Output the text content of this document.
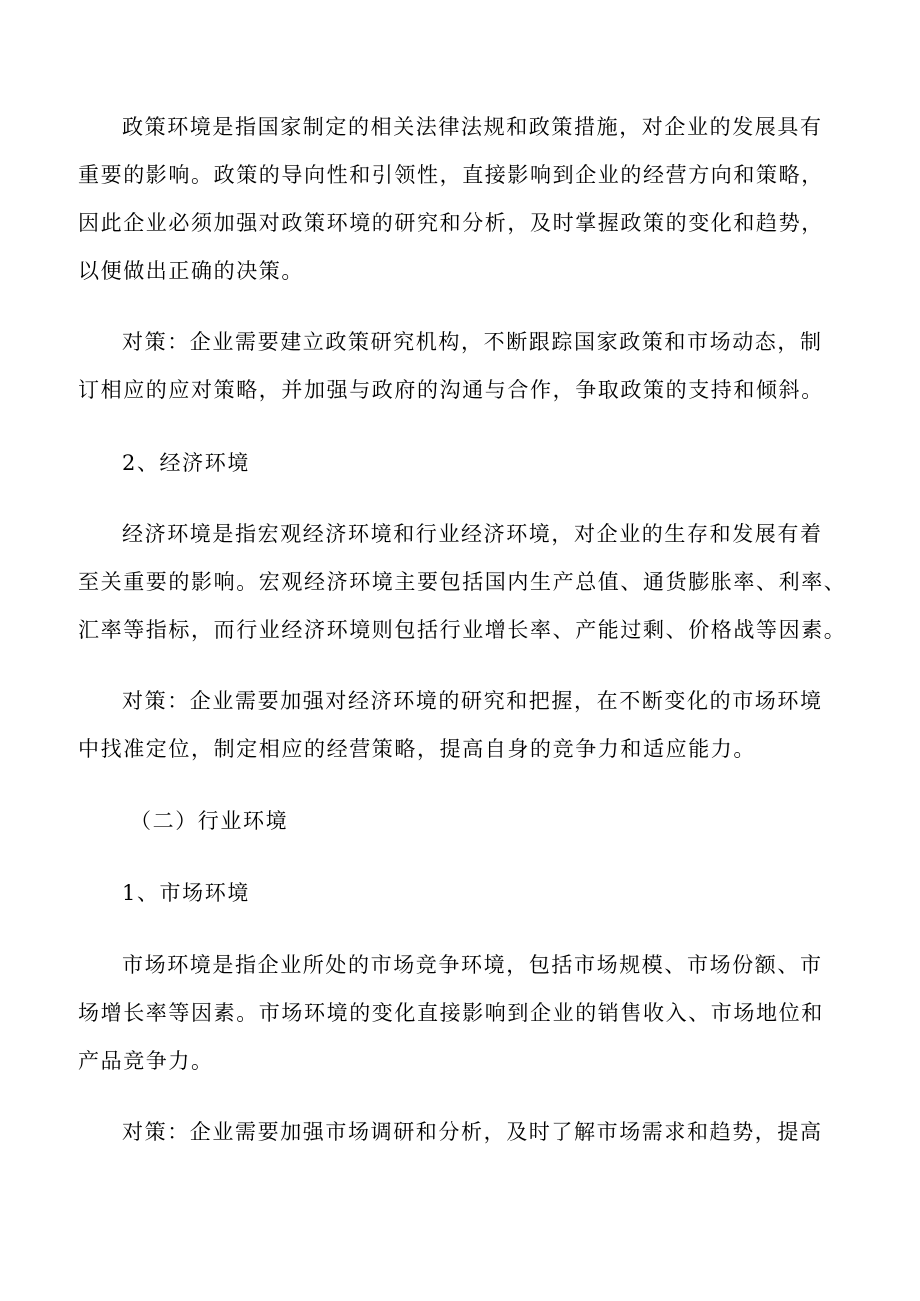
政策环境是指国家制定的相关法律法规和政策措施，对企业的发展具有
重要的影响。政策的导向性和引领性，直接影响到企业的经营方向和策略，
因此企业必须加强对政策环境的研究和分析，及时掌握政策的变化和趋势，
以便做出正确的决策。
对策：企业需要建立政策研究机构，不断跟踪国家政策和市场动态，制
订相应的应对策略，并加强与政府的沟通与合作，争取政策的支持和倾斜。
2、经济环境
经济环境是指宏观经济环境和行业经济环境，对企业的生存和发展有着
至关重要的影响。宏观经济环境主要包括国内生产总值、通货膨胀率、利率、
汇率等指标，而行业经济环境则包括行业增长率、产能过剩、价格战等因素。
对策：企业需要加强对经济环境的研究和把握，在不断变化的市场环境
中找准定位，制定相应的经营策略，提高自身的竞争力和适应能力。
（二）行业环境
1、市场环境
市场环境是指企业所处的市场竞争环境，包括市场规模、市场份额、市
场增长率等因素。市场环境的变化直接影响到企业的销售收入、市场地位和
产品竞争力。
对策：企业需要加强市场调研和分析，及时了解市场需求和趋势，提高
